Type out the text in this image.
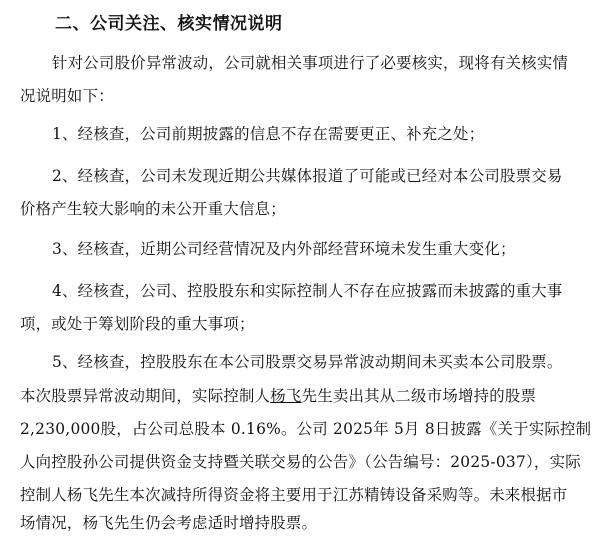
二、公司关注、核实情况说明
针对公司股价异常波动，公司就相关事项进行了必要核实，现将有关核实情
况说明如下：
1、经核查，公司前期披露的信息不存在需要更正、补充之处；
2、经核查，公司未发现近期公共媒体报道了可能或已经对本公司股票交易
价格产生较大影响的未公开重大信息；
3、经核查，近期公司经营情况及内外部经营环境未发生重大变化；
4、经核查，公司、控股股东和实际控制人不存在应披露而未披露的重大事
项，或处于筹划阶段的重大事项；
5、经核查，控股股东在本公司股票交易异常波动期间未买卖本公司股票。
本次股票异常波动期间，实际控制人杨飞先生卖出其从二级市场增持的股票
2,230,000股，占公司总股本 0.16%。公司 2025年 5月 8日披露《关于实际控制
人向控股孙公司提供资金支持暨关联交易的公告》（公告编号：2025-037），实际
控制人杨飞先生本次减持所得资金将主要用于江苏精铸设备采购等。未来根据市
场情况，杨飞先生仍会考虑适时增持股票。
